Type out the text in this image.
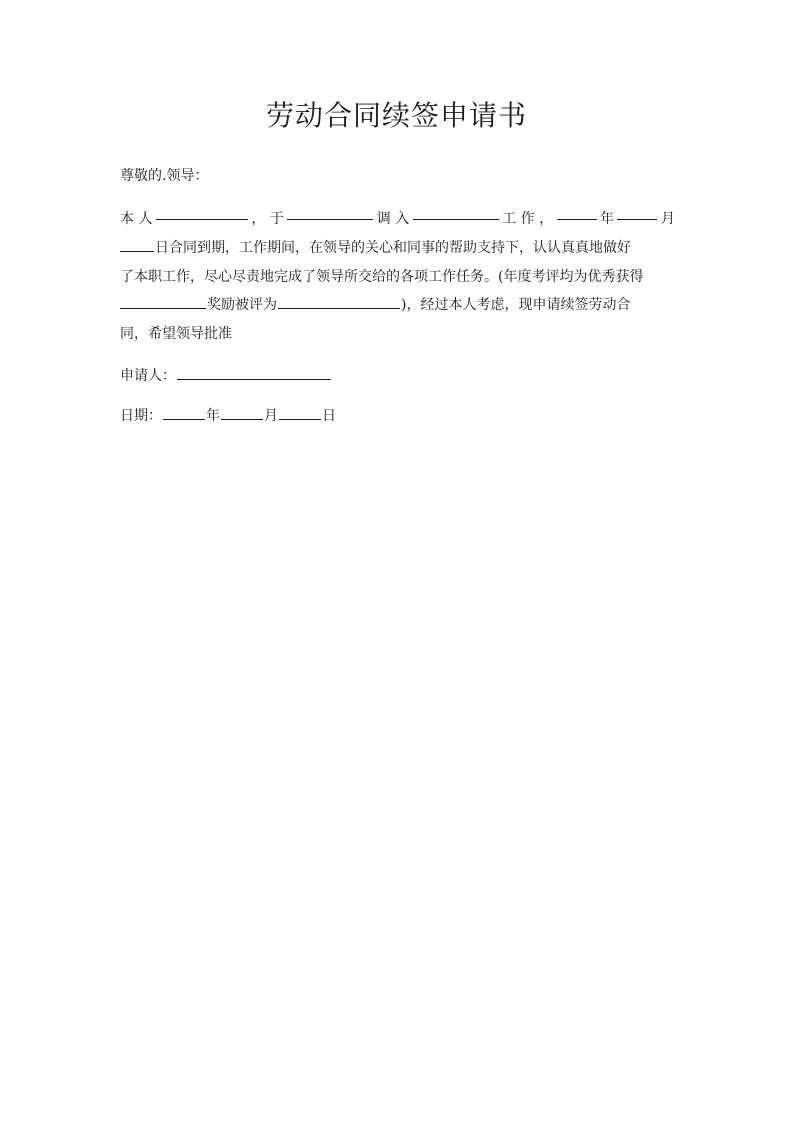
劳动合同续签申请书
尊敬的.领导：
本 人	， 于	调 入	工 作 ，	年	月
日合同到期，工作期间，在领导的关心和同事的帮助支持下，认认真真地做好
了本职工作，尽心尽责地完成了领导所交给的各项工作任务。(年度考评均为优秀获得
奖励被评为	)，经过本人考虑，现申请续签劳动合
同，希望领导批准
申请人：
日期：	年	月	日
